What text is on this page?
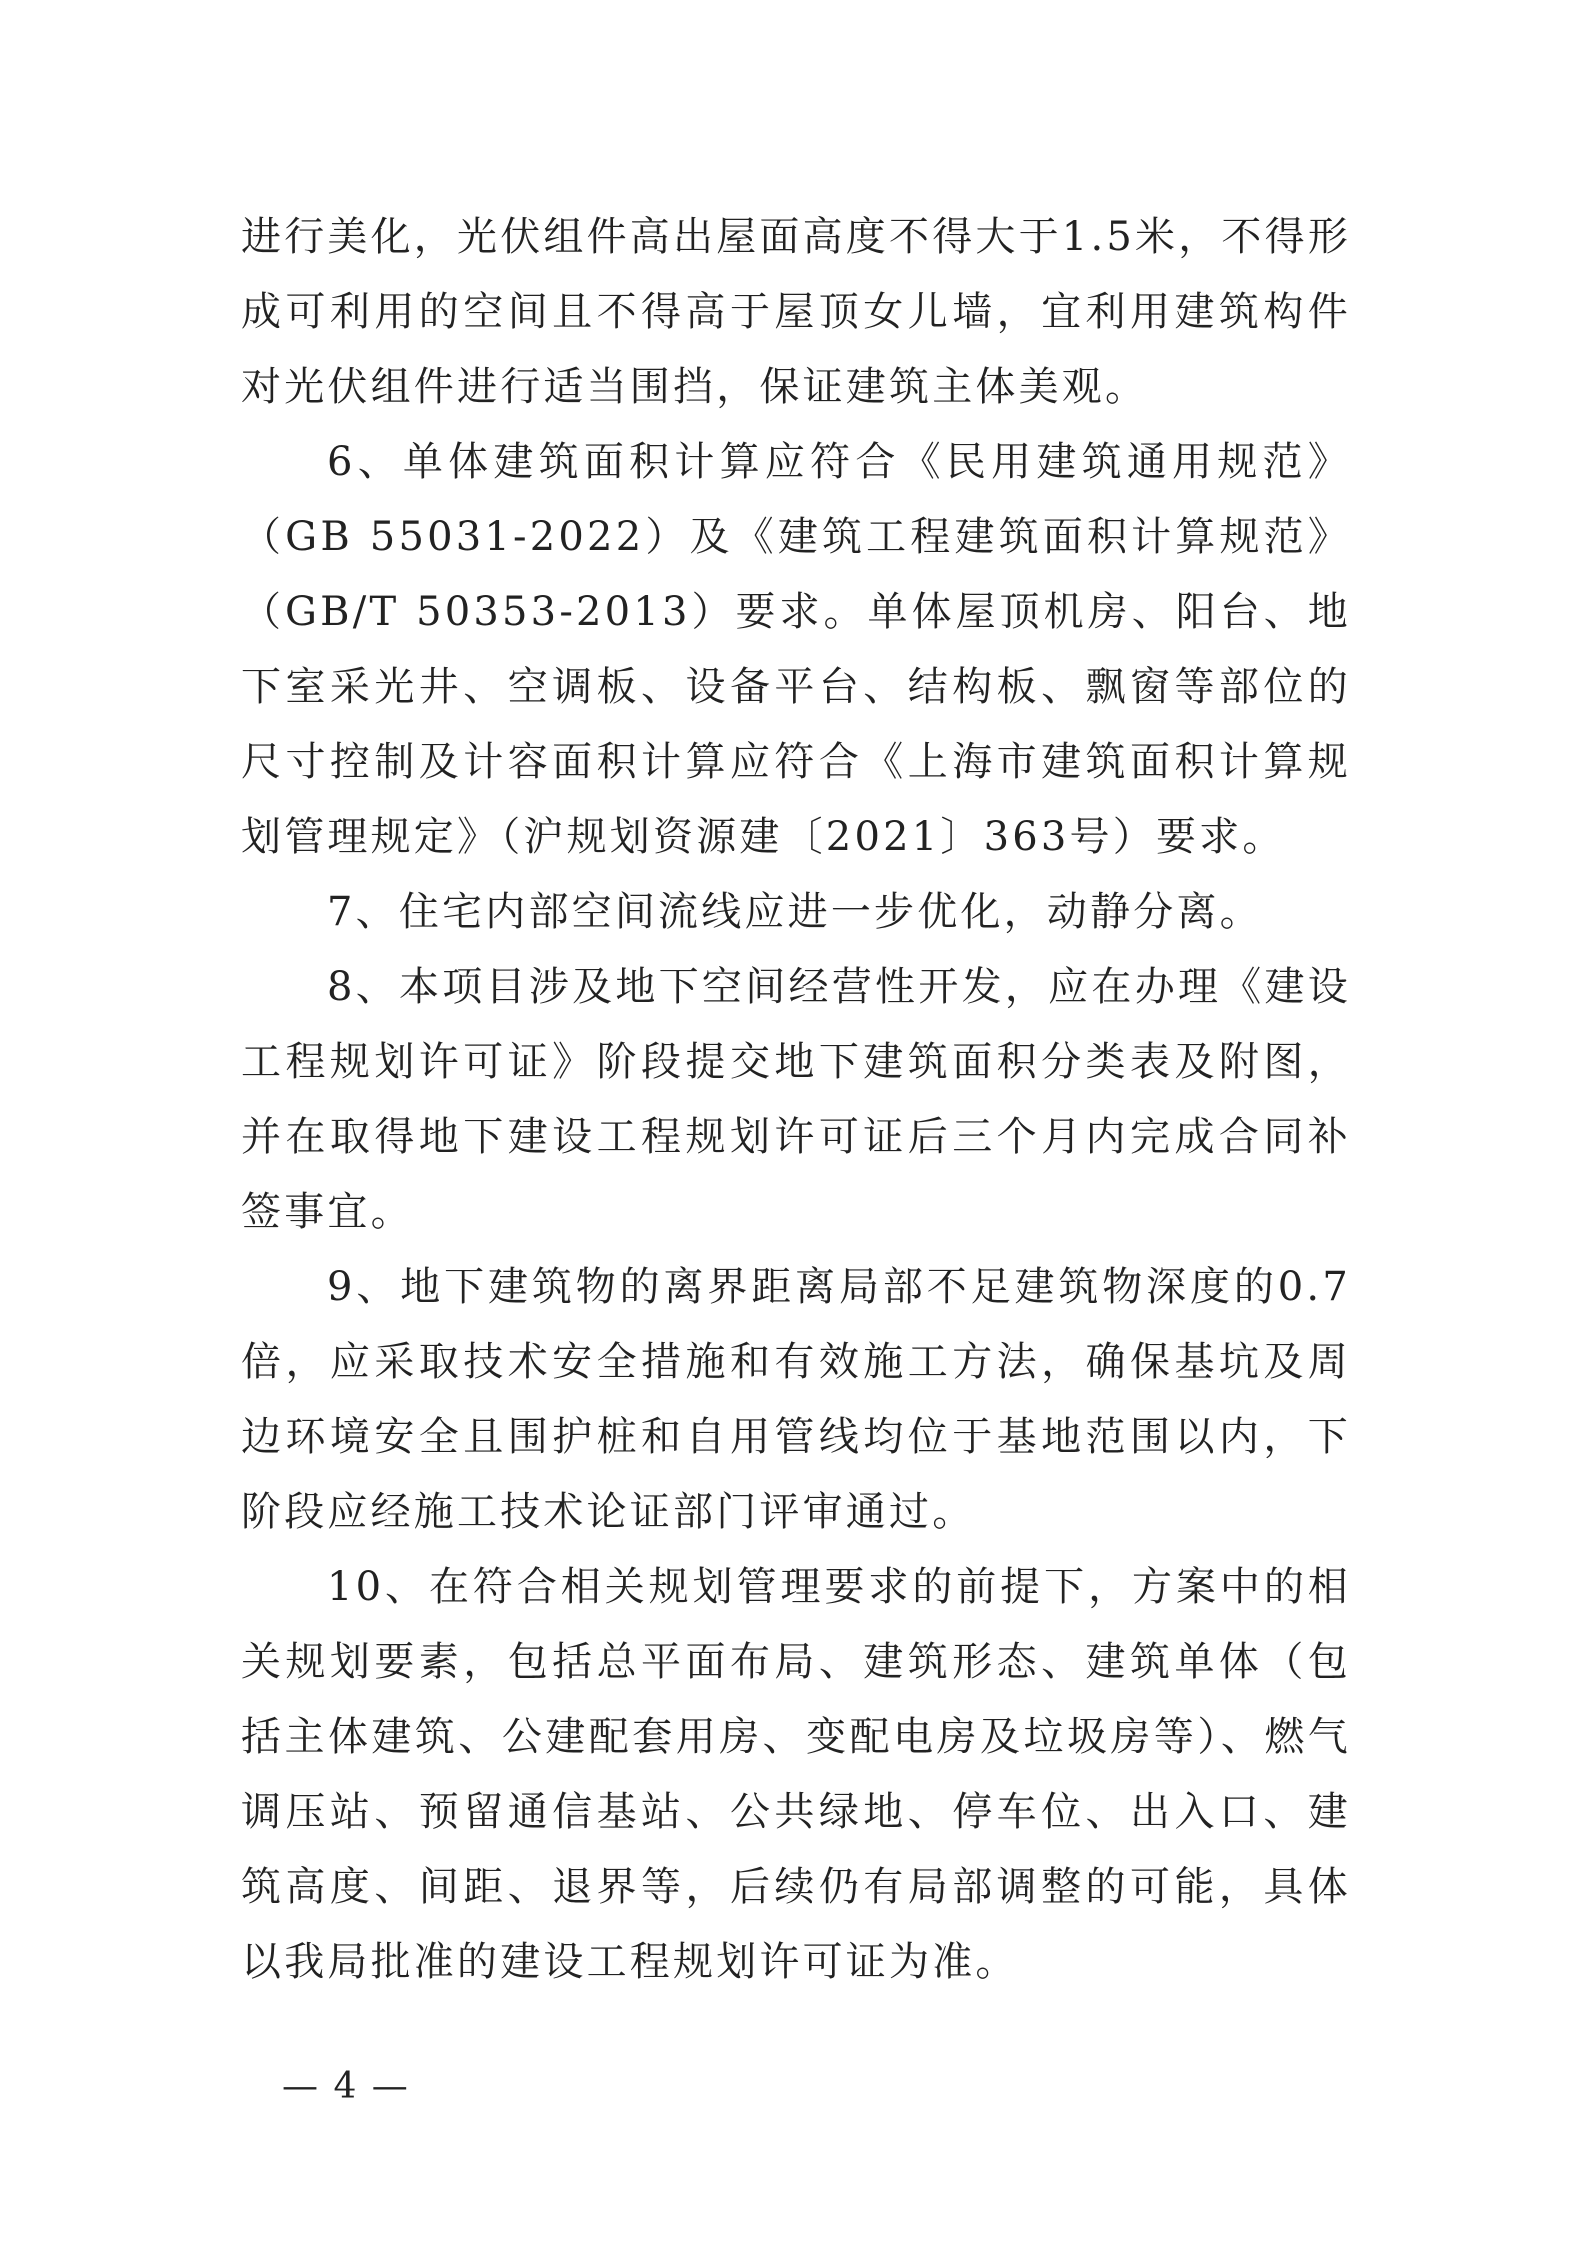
进行美化，光伏组件高出屋面高度不得大于1.5米，不得形成可利用的空间且不得高于屋顶女儿墙，宜利用建筑构件对光伏组件进行适当围挡，保证建筑主体美观。

6、单体建筑面积计算应符合《民用建筑通用规范》（GB 55031-2022）及《建筑工程建筑面积计算规范》（GB/T 50353-2013）要求。单体屋顶机房、阳台、地下室采光井、空调板、设备平台、结构板、飘窗等部位的尺寸控制及计容面积计算应符合《上海市建筑面积计算规划管理规定》（沪规划资源建〔2021〕363号）要求。

7、住宅内部空间流线应进一步优化，动静分离。

8、本项目涉及地下空间经营性开发，应在办理《建设工程规划许可证》阶段提交地下建筑面积分类表及附图，并在取得地下建设工程规划许可证后三个月内完成合同补签事宜。

9、地下建筑物的离界距离局部不足建筑物深度的0.7倍，应采取技术安全措施和有效施工方法，确保基坑及周边环境安全且围护桩和自用管线均位于基地范围以内，下阶段应经施工技术论证部门评审通过。

10、在符合相关规划管理要求的前提下，方案中的相关规划要素，包括总平面布局、建筑形态、建筑单体（包括主体建筑、公建配套用房、变配电房及垃圾房等）、燃气调压站、预留通信基站、公共绿地、停车位、出入口、建筑高度、间距、退界等，后续仍有局部调整的可能，具体以我局批准的建设工程规划许可证为准。

— 4 —
